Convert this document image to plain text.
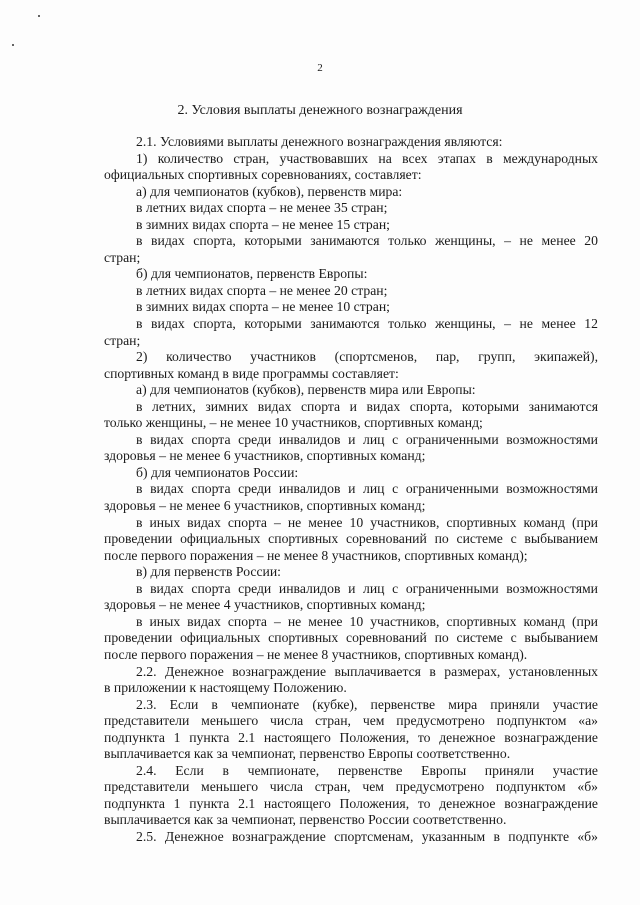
2
2. Условия выплаты денежного вознаграждения
2.1. Условиями выплаты денежного вознаграждения являются:
1) количество стран, участвовавших на всех этапах в международных
официальных спортивных соревнованиях, составляет:
а) для чемпионатов (кубков), первенств мира:
в летних видах спорта – не менее 35 стран;
в зимних видах спорта – не менее 15 стран;
в видах спорта, которыми занимаются только женщины, – не менее 20
стран;
б) для чемпионатов, первенств Европы:
в летних видах спорта – не менее 20 стран;
в зимних видах спорта – не менее 10 стран;
в видах спорта, которыми занимаются только женщины, – не менее 12
стран;
2) количество участников (спортсменов, пар, групп, экипажей),
спортивных команд в виде программы составляет:
а) для чемпионатов (кубков), первенств мира или Европы:
в летних, зимних видах спорта и видах спорта, которыми занимаются
только женщины, – не менее 10 участников, спортивных команд;
в видах спорта среди инвалидов и лиц с ограниченными возможностями
здоровья – не менее 6 участников, спортивных команд;
б) для чемпионатов России:
в видах спорта среди инвалидов и лиц с ограниченными возможностями
здоровья – не менее 6 участников, спортивных команд;
в иных видах спорта – не менее 10 участников, спортивных команд (при
проведении официальных спортивных соревнований по системе с выбыванием
после первого поражения – не менее 8 участников, спортивных команд);
в) для первенств России:
в видах спорта среди инвалидов и лиц с ограниченными возможностями
здоровья – не менее 4 участников, спортивных команд;
в иных видах спорта – не менее 10 участников, спортивных команд (при
проведении официальных спортивных соревнований по системе с выбыванием
после первого поражения – не менее 8 участников, спортивных команд).
2.2. Денежное вознаграждение выплачивается в размерах, установленных
в приложении к настоящему Положению.
2.3. Если в чемпионате (кубке), первенстве мира приняли участие
представители меньшего числа стран, чем предусмотрено подпунктом «а»
подпункта 1 пункта 2.1 настоящего Положения, то денежное вознаграждение
выплачивается как за чемпионат, первенство Европы соответственно.
2.4. Если в чемпионате, первенстве Европы приняли участие
представители меньшего числа стран, чем предусмотрено подпунктом «б»
подпункта 1 пункта 2.1 настоящего Положения, то денежное вознаграждение
выплачивается как за чемпионат, первенство России соответственно.
2.5. Денежное вознаграждение спортсменам, указанным в подпункте «б»
